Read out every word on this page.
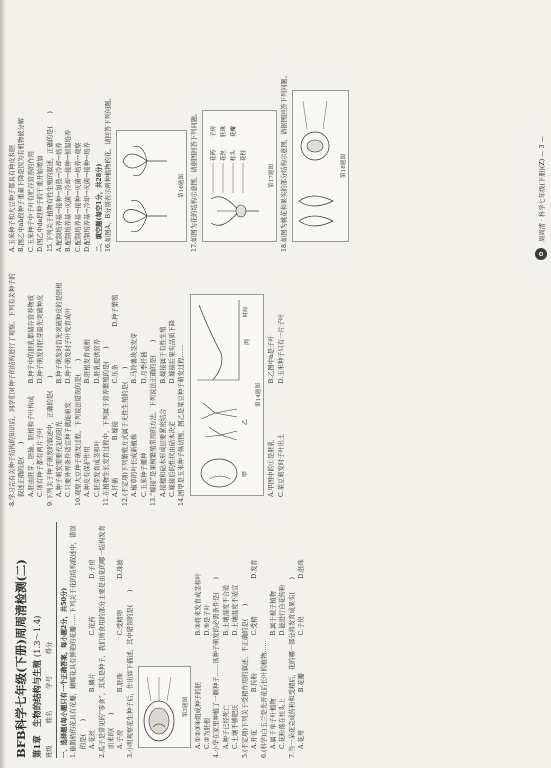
BFB科学七年级(下册)周周清检测(二) 第1章　生物的结构与生殖 (1.3～1.4)
班级
姓名
学号
得分	一、选择题(每小题只有一个正确答案，每小题2分，共50分) 1.傣鹊桥的花具有花瓣，蝴蝶花具有鲜艳的花瓣……下列关于花的结构叙述中，错误的是(　　) A.花丝
B.鳞片
C.花药
D.子房 2.瓜子是常见的“零食”，其实是种子，我们所食用的部分主要是由花的哪一结构发育而来的(　　) A.子房
B.胚珠
C.受精卵
D.珠被

3.小明观察花生种子后，作出如下描述，其中错误的是(　　)	第3题图 A.①②③④组成种子的胚
B.③将来发育成茎和叶
C.②为胚根
D.⑤是子叶 4.小华在家里种植了一颗种子……该种子萌发的必需条件是(　　) A.种子已经死亡
B.土壤湿度不合适
C.土壤不够肥沃
D.土壤温度不适宜 5.(不定项)下列关于受精作用的叙述，不正确的是(　　) A.开花
B.传粉
C.受精
D.发育

6.(科学)白玉兰是先开花后长叶的植物…… A.属于单子叶植物
B.属于被子植物
C.花粉落在柱头上
D.能进行自花传粉 7.当一朵花完成传粉和受精后，花的哪一部分将发育成果实(　　) A.花萼
B.花瓣
C.子房
D.胚珠

8.学习完有关种子结构的知识后，同学们对种子的结构进行了观察。下列有关种子的叙述正确的是(　　) A.胚由胚芽、胚轴、胚根和子叶构成
B.种子中的胚乳都储存营养物质
C.所有种子都有两片子叶
D.种子萌发时胚芽最先突破种皮

9.下列关于种子萌发的叙述中，正确的是(　　) A.种子萌发需要充足的阳光
B.种子萌发时首先突破种皮的是胚根
C.只要外界条件适宜种子就能萌发
D.种子萌发时子叶发育成叶

10.观察大豆种子萌发过程，下列说法错误的是(　　) A.种皮有保护作用
B.胚根发育成根
C.胚芽发育成茎和叶
D.胚乳提供营养 11.在植物生长发育过程中，下列属于营养繁殖的是(　　) A.扦插
B.嫁接
C.压条
D.种子繁殖

12.(不定项)下列繁殖方式属于无性生殖的是(　　) A.椒草的叶长成新植株
B.马铃薯块茎发芽
C.玉米种子播种
D.月季扦插 13.“嫁接”是果树繁殖常用的方法，下列说法正确的是(　　) A.接穗和砧木形成层要紧密结合
B.嫁接属于有性生殖
C.嫁接后的性状由砧木决定
D.嫁接后果实品质下降 14.图甲是玉米种子纵切图，图乙是菜豆种子萌发过程……	甲
乙
丙
时间
第14题图
A.甲图中的①是胚乳
B.乙图中a是子叶
C.菜豆萌发时子叶出土
D.玉米种子只有一片子叶

A.玉米种子和大豆种子都具有种皮和胚 B.图乙中ab段种子重量下降是因为有机物被分解 C.玉米种子中子叶有贮存营养的作用 D.图乙中de段种子的干重开始增加 15.下列关于植物有性生殖的叙述，正确的是(　　) A.配制培养基→接种→加热→冷却→培养 B.配制培养基→灭菌→冷却→接种→恒温培养 C.配制培养基→接种→灭菌→培养→观察 D.配制培养基→冷却→灭菌→接种→培养 二、填空题(每空1分，共28分) 16.如图A、B分别表示两种植物的花，请回答下列问题。	第16题图 17.如图为花的结构示意图，请据图回答下列问题。	花药 花丝 柱头 花柱
子房 胚珠 花瓣
第17题图 18.如图为桃花和果实的部分结构示意图，请据图回答下列问题。	第18题图
✿
周周清 · 科学七年级(下册)(Z) — 3 —
